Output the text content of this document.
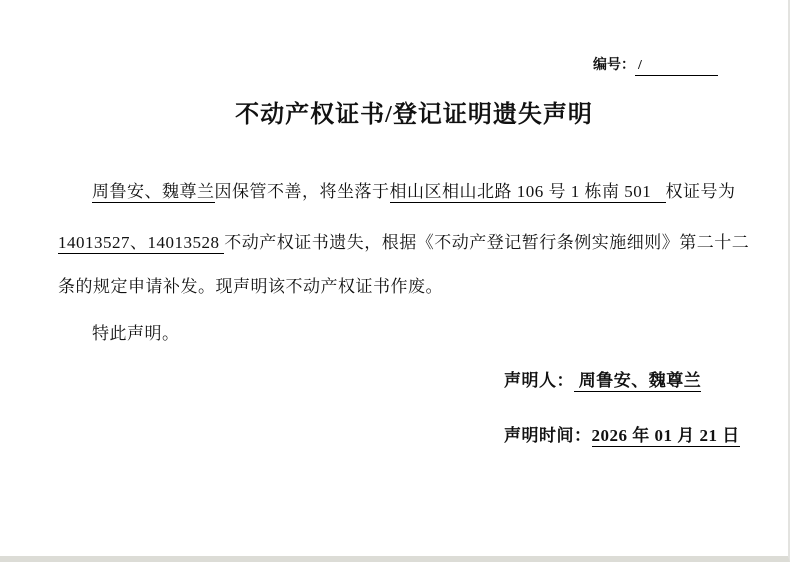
编号： /
不动产权证书/登记证明遗失声明
周鲁安、魏尊兰因保管不善，将坐落于相山区相山北路 106 号 1 栋南 501   权证号为
14013527、14013528 不动产权证书遗失，根据《不动产登记暂行条例实施细则》第二十二
条的规定申请补发。现声明该不动产权证书作废。
特此声明。
声明人： 周鲁安、魏尊兰
声明时间：2026 年 01 月 21 日
